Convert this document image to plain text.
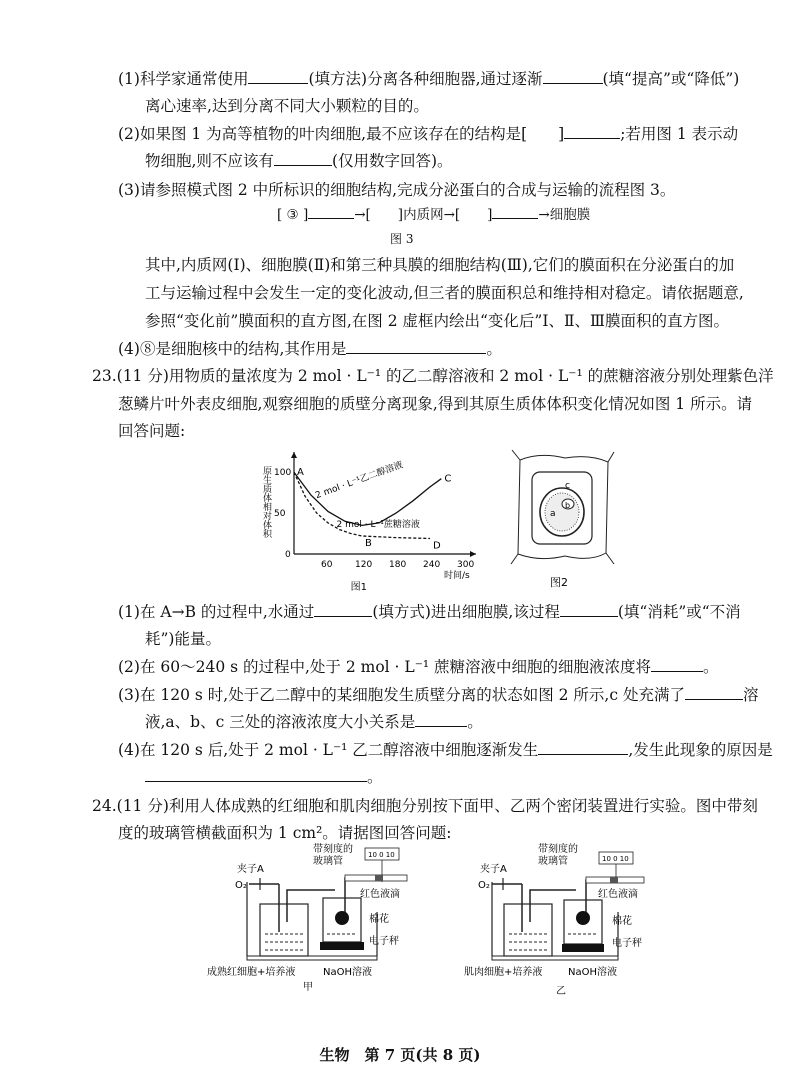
(1)科学家通常使用	(填方法)分离各种细胞器,通过逐渐	(填“提高”或“降低”)
离心速率,达到分离不同大小颗粒的目的。
(2)如果图 1 为高等植物的叶肉细胞,最不应该存在的结构是[　　]	;若用图 1 表示动
物细胞,则不应该有	(仅用数字回答)。
(3)请参照模式图 2 中所标识的细胞结构,完成分泌蛋白的合成与运输的流程图 3。
[ ③ ]	→[　　]内质网→[　　]	→细胞膜
图 3
其中,内质网(Ⅰ)、细胞膜(Ⅱ)和第三种具膜的细胞结构(Ⅲ),它们的膜面积在分泌蛋白的加
工与运输过程中会发生一定的变化波动,但三者的膜面积总和维持相对稳定。请依据题意,
参照“变化前”膜面积的直方图,在图 2 虚框内绘出“变化后”Ⅰ、Ⅱ、Ⅲ膜面积的直方图。
(4)⑧是细胞核中的结构,其作用是	。
23.(11 分)用物质的量浓度为 2 mol · L⁻¹ 的乙二醇溶液和 2 mol · L⁻¹ 的蔗糖溶液分别处理紫色洋
葱鳞片叶外表皮细胞,观察细胞的质壁分离现象,得到其原生质体体积变化情况如图 1 所示。请
回答问题:
原生质体相对体积
60	120 180 240 300
100
50
0
时间/s
2 mol · L⁻¹乙二醇溶液
2 mol · L⁻¹蔗糖溶液
A
B
C
D
图1
c
a
b
图2
(1)在 A→B 的过程中,水通过	(填方式)进出细胞膜,该过程	(填“消耗”或“不消
耗”)能量。
(2)在 60～240 s 的过程中,处于 2 mol · L⁻¹ 蔗糖溶液中细胞的细胞液浓度将	。
(3)在 120 s 时,处于乙二醇中的某细胞发生质壁分离的状态如图 2 所示,c 处充满了	溶
液,a、b、c 三处的溶液浓度大小关系是	。
(4)在 120 s 后,处于 2 mol · L⁻¹ 乙二醇溶液中细胞逐渐发生	,发生此现象的原因是
。
24.(11 分)利用人体成熟的红细胞和肌肉细胞分别按下面甲、乙两个密闭装置进行实验。图中带刻
度的玻璃管横截面积为 1 cm²。请据图回答问题:
带刻度的
玻璃管
10 0 10
夹子A
O₂
红色液滴
棉花
电子秤
成熟红细胞+培养液	NaOH溶液
甲
带刻度的
玻璃管	10 0 10
夹子A
O₂
红色液滴
棉花
电子秤
肌肉细胞+培养液	NaOH溶液
乙
生物　第 7 页(共 8 页)
